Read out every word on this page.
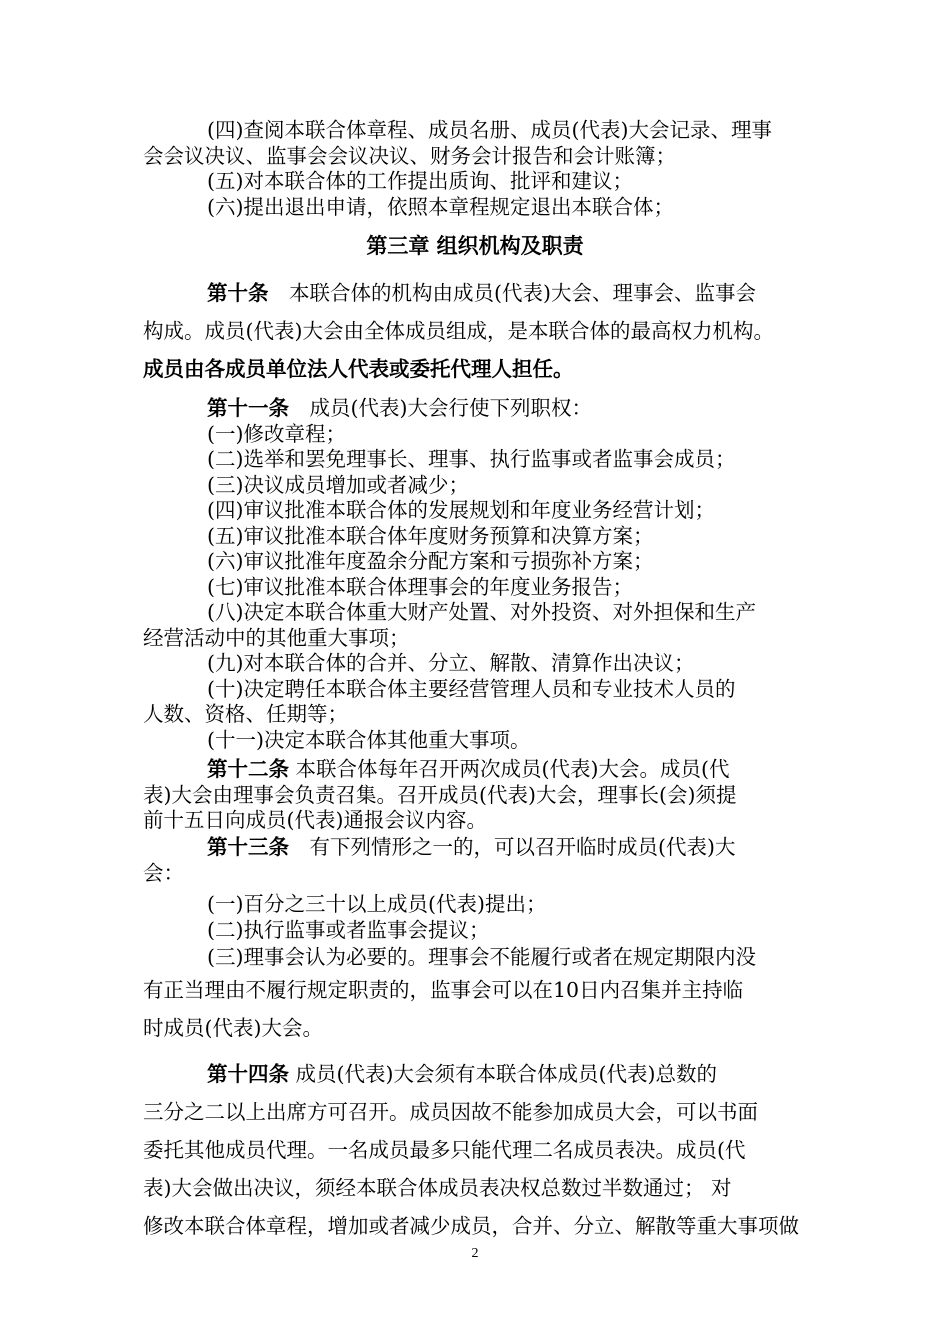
(四)查阅本联合体章程、成员名册、成员(代表)大会记录、理事

会会议决议、监事会会议决议、财务会计报告和会计账簿；

(五)对本联合体的工作提出质询、批评和建议；

(六)提出退出申请，依照本章程规定退出本联合体；

第三章 组织机构及职责

第十条　本联合体的机构由成员(代表)大会、理事会、监事会

构成。成员(代表)大会由全体成员组成，是本联合体的最高权力机构。

成员由各成员单位法人代表或委托代理人担任。

第十一条　成员(代表)大会行使下列职权：

(一)修改章程；

(二)选举和罢免理事长、理事、执行监事或者监事会成员；

(三)决议成员增加或者减少；

(四)审议批准本联合体的发展规划和年度业务经营计划；

(五)审议批准本联合体年度财务预算和决算方案；

(六)审议批准年度盈余分配方案和亏损弥补方案；

(七)审议批准本联合体理事会的年度业务报告；

(八)决定本联合体重大财产处置、对外投资、对外担保和生产

经营活动中的其他重大事项；

(九)对本联合体的合并、分立、解散、清算作出决议；

(十)决定聘任本联合体主要经营管理人员和专业技术人员的

人数、资格、任期等；

(十一)决定本联合体其他重大事项。

第十二条 本联合体每年召开两次成员(代表)大会。成员(代

表)大会由理事会负责召集。召开成员(代表)大会，理事长(会)须提

前十五日向成员(代表)通报会议内容。

第十三条　有下列情形之一的，可以召开临时成员(代表)大

会：

(一)百分之三十以上成员(代表)提出；

(二)执行监事或者监事会提议；

(三)理事会认为必要的。理事会不能履行或者在规定期限内没

有正当理由不履行规定职责的，监事会可以在10日内召集并主持临

时成员(代表)大会。

第十四条 成员(代表)大会须有本联合体成员(代表)总数的

三分之二以上出席方可召开。成员因故不能参加成员大会，可以书面

委托其他成员代理。一名成员最多只能代理二名成员表决。成员(代

表)大会做出决议，须经本联合体成员表决权总数过半数通过； 对

修改本联合体章程，增加或者减少成员，合并、分立、解散等重大事项做

2
